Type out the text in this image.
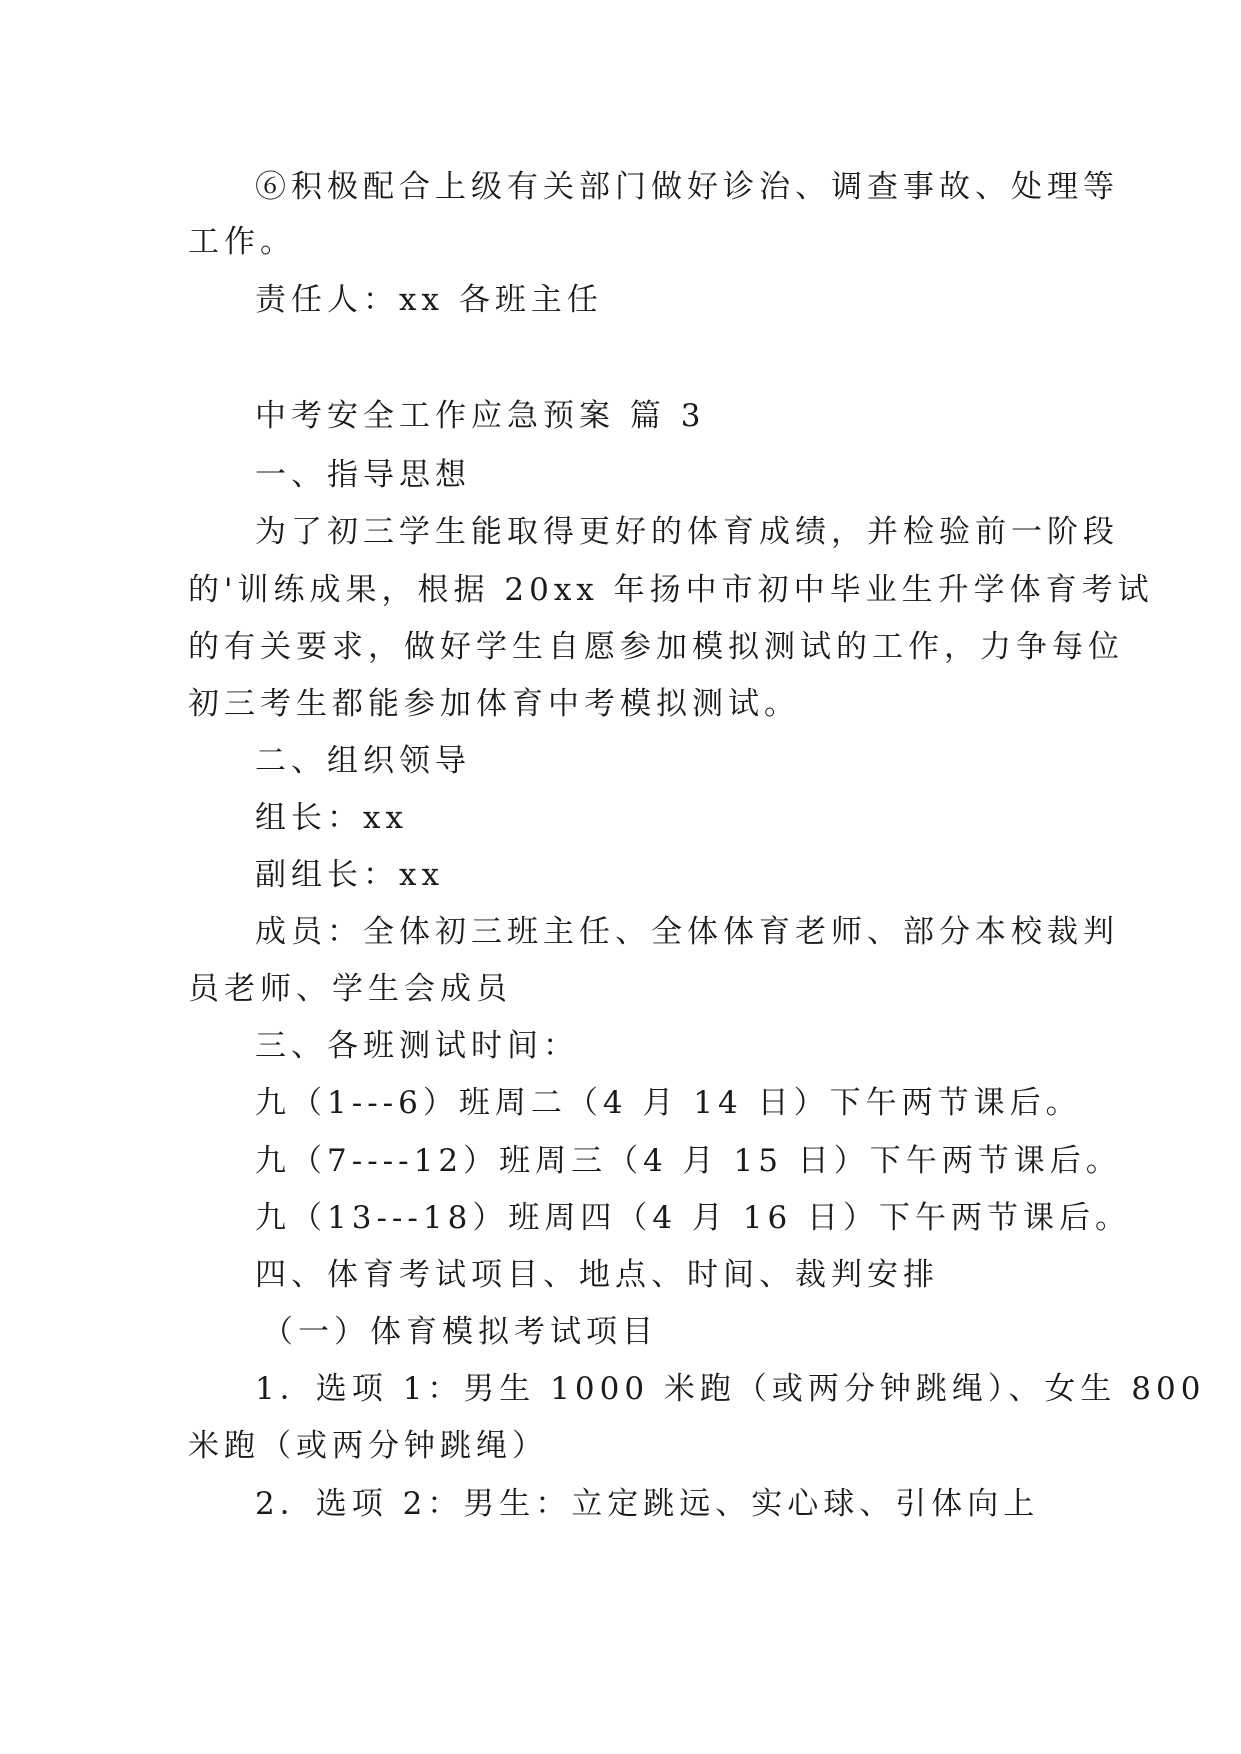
⑥积极配合上级有关部门做好诊治、调查事故、处理等

工作。

责任人：xx 各班主任

中考安全工作应急预案 篇 3

一、指导思想

为了初三学生能取得更好的体育成绩，并检验前一阶段

的'训练成果，根据 20xx 年扬中市初中毕业生升学体育考试

的有关要求，做好学生自愿参加模拟测试的工作，力争每位

初三考生都能参加体育中考模拟测试。

二、组织领导

组长：xx

副组长：xx

成员：全体初三班主任、全体体育老师、部分本校裁判

员老师、学生会成员

三、各班测试时间：

九（1---6）班周二（4 月 14 日）下午两节课后。

九（7----12）班周三（4 月 15 日）下午两节课后。

九（13---18）班周四（4 月 16 日）下午两节课后。

四、体育考试项目、地点、时间、裁判安排

（一）体育模拟考试项目

1．选项 1：男生 1000 米跑（或两分钟跳绳）、女生 800

米跑（或两分钟跳绳）

2．选项 2：男生：立定跳远、实心球、引体向上
